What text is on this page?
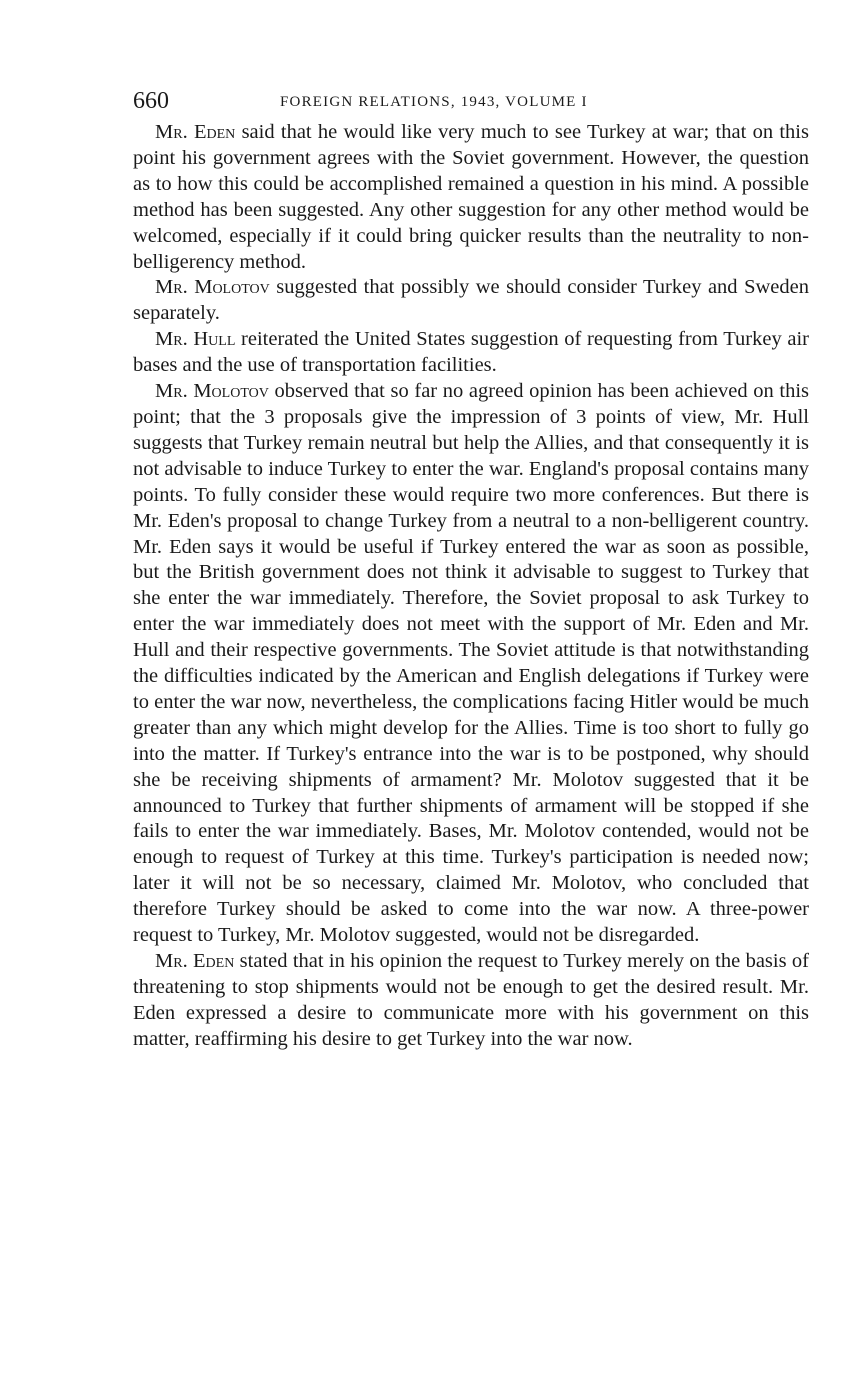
660	FOREIGN RELATIONS, 1943, VOLUME I

Mr. Eden said that he would like very much to see Turkey at war; that on this point his government agrees with the Soviet government. However, the question as to how this could be accomplished remained a question in his mind. A possible method has been suggested. Any other suggestion for any other method would be welcomed, especially if it could bring quicker results than the neutrality to non-belligerency method.

Mr. Molotov suggested that possibly we should consider Turkey and Sweden separately.

Mr. Hull reiterated the United States suggestion of requesting from Turkey air bases and the use of transportation facilities.

Mr. Molotov observed that so far no agreed opinion has been achieved on this point; that the 3 proposals give the impression of 3 points of view, Mr. Hull suggests that Turkey remain neutral but help the Allies, and that consequently it is not advisable to induce Turkey to enter the war. England's proposal contains many points. To fully consider these would require two more conferences. But there is Mr. Eden's proposal to change Turkey from a neutral to a non-belligerent country. Mr. Eden says it would be useful if Turkey entered the war as soon as possible, but the British government does not think it advisable to suggest to Turkey that she enter the war immediately. Therefore, the Soviet proposal to ask Turkey to enter the war immediately does not meet with the support of Mr. Eden and Mr. Hull and their respective governments. The Soviet attitude is that notwithstanding the difficulties indicated by the American and English delegations if Turkey were to enter the war now, nevertheless, the complications facing Hitler would be much greater than any which might develop for the Allies. Time is too short to fully go into the matter. If Turkey's entrance into the war is to be postponed, why should she be receiving shipments of armament? Mr. Molotov suggested that it be announced to Turkey that further shipments of armament will be stopped if she fails to enter the war immediately. Bases, Mr. Molotov contended, would not be enough to request of Turkey at this time. Turkey's participation is needed now; later it will not be so necessary, claimed Mr. Molotov, who concluded that therefore Turkey should be asked to come into the war now. A three-power request to Turkey, Mr. Molotov suggested, would not be disregarded.

Mr. Eden stated that in his opinion the request to Turkey merely on the basis of threatening to stop shipments would not be enough to get the desired result. Mr. Eden expressed a desire to communicate more with his government on this matter, reaffirming his desire to get Turkey into the war now.
